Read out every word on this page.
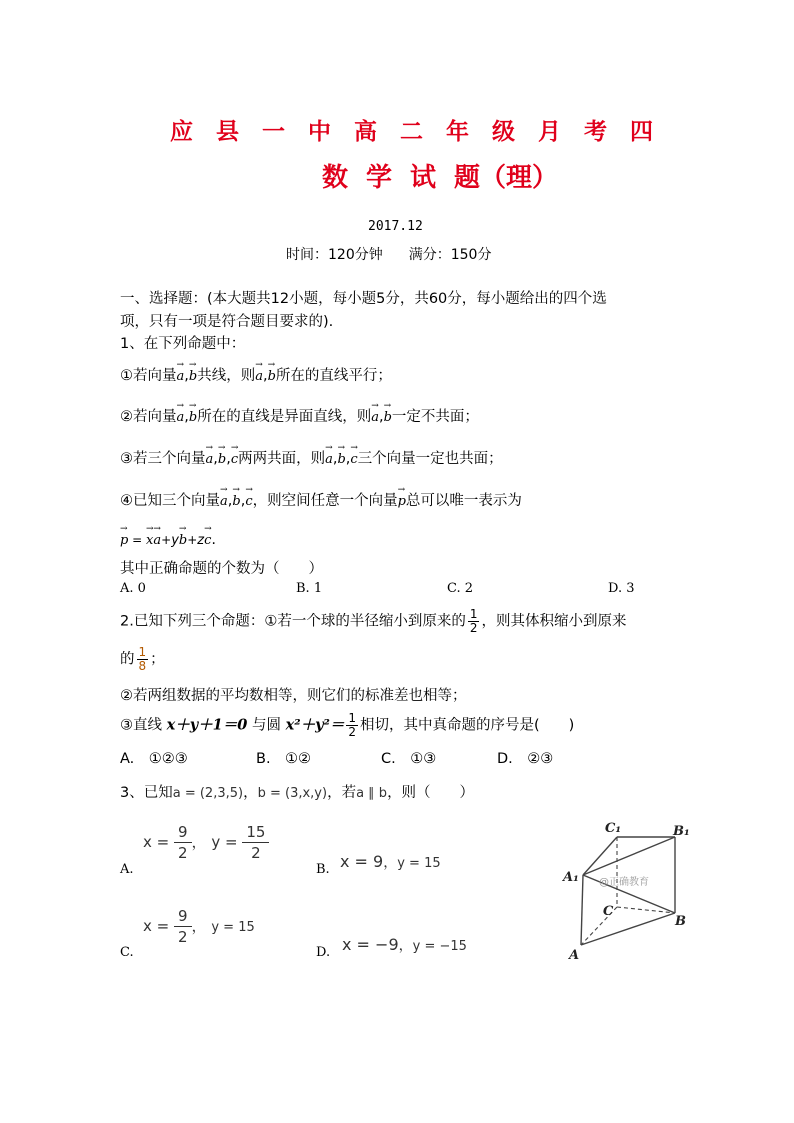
应县一中高二年级月考四
数 学 试 题（理）
2017.12
时间：120分钟 满分：150分
一、选择题：(本大题共12小题，每小题5分，共60分，每小题给出的四个选
项，只有一项是符合题目要求的).
1、在下列命题中：
①若向量→ a,→ b共线，则→ a,→ b所在的直线平行；
②若向量→ a,→ b所在的直线是异面直线，则→ a,→ b一定不共面；
③若三个向量→ a,→ b,→ c两两共面，则→ a,→ b,→ c三个向量一定也共面；
④已知三个向量→ a,→ b,→ c，则空间任意一个向量→ p总可以唯一表示为
→ p = → x→ a+y→ b+z→ c.
其中正确命题的个数为（　　）
A. 0	B. 1	C. 2	D. 3
2.已知下列三个命题：①若一个球的半径缩小到原来的 $\frac{1}{2}$ ，则其体积缩小到原来
的 $\frac{1}{8}$ ；
②若两组数据的平均数相等，则它们的标准差也相等；
③直线 x＋y＋1＝0 与圆 $x^2+y^2= \frac{1}{2}$ 相切，其中真命题的序号是(　　)
A.　①②③	B.　①②	C.　①③	D.　②③
3、已知a = (2,3,5)，b = (3,x,y)，若a ∥ b，则（　　）
A.
$x = \frac{9}{2}$ ， $y = \frac{15}{2}$
B. x = 9，y = 15
C.
$x = \frac{9}{2}$ ， y = 15
D. x = −9，y = −15
C₁	B₁
A₁
C
B
A
@正确教育
